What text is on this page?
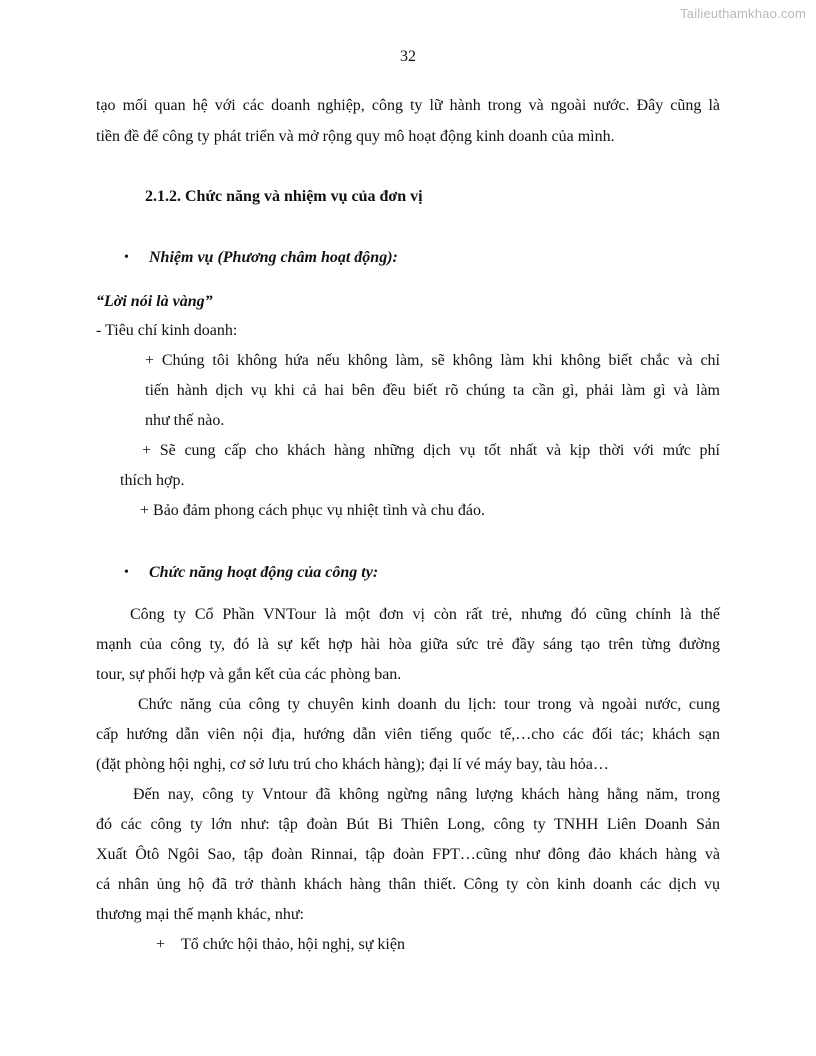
Tailieuthamkhao.com
32
tạo mối quan hệ với các doanh nghiệp, công ty lữ hành trong và ngoài nước. Đây cũng là
tiền đề để công ty phát triển và mở rộng quy mô hoạt động kinh doanh của mình.
2.1.2. Chức năng và nhiệm vụ của đơn vị
• Nhiệm vụ (Phương châm hoạt động):
“Lời nói là vàng”
- Tiêu chí kinh doanh:
+ Chúng tôi không hứa nếu không làm, sẽ không làm khi không biết chắc và chỉ
tiến hành dịch vụ khi cả hai bên đều biết rõ chúng ta cần gì, phải làm gì và làm
như thế nào.
+ Sẽ cung cấp cho khách hàng những dịch vụ tốt nhất và kịp thời với mức phí
thích hợp.
+ Bảo đảm phong cách phục vụ nhiệt tình và chu đáo.
• Chức năng hoạt động của công ty:
Công ty Cổ Phần VNTour là một đơn vị còn rất trẻ, nhưng đó cũng chính là thế
mạnh của công ty, đó là sự kết hợp hài hòa giữa sức trẻ đầy sáng tạo trên từng đường
tour, sự phối hợp và gắn kết của các phòng ban.
Chức năng của công ty chuyên kinh doanh du lịch: tour trong và ngoài nước, cung
cấp hướng dẫn viên nội địa, hướng dẫn viên tiếng quốc tế,…cho các đối tác; khách sạn
(đặt phòng hội nghị, cơ sở lưu trú cho khách hàng); đại lí vé máy bay, tàu hỏa…
Đến nay, công ty Vntour đã không ngừng nâng lượng khách hàng hằng năm, trong
đó các công ty lớn như: tập đoàn Bút Bi Thiên Long, công ty TNHH Liên Doanh Sản
Xuất Ôtô Ngôi Sao, tập đoàn Rinnai, tập đoàn FPT…cũng như đông đảo khách hàng và
cá nhân ủng hộ đã trở thành khách hàng thân thiết. Công ty còn kinh doanh các dịch vụ
thương mại thế mạnh khác, như:
+ Tổ chức hội thảo, hội nghị, sự kiện
